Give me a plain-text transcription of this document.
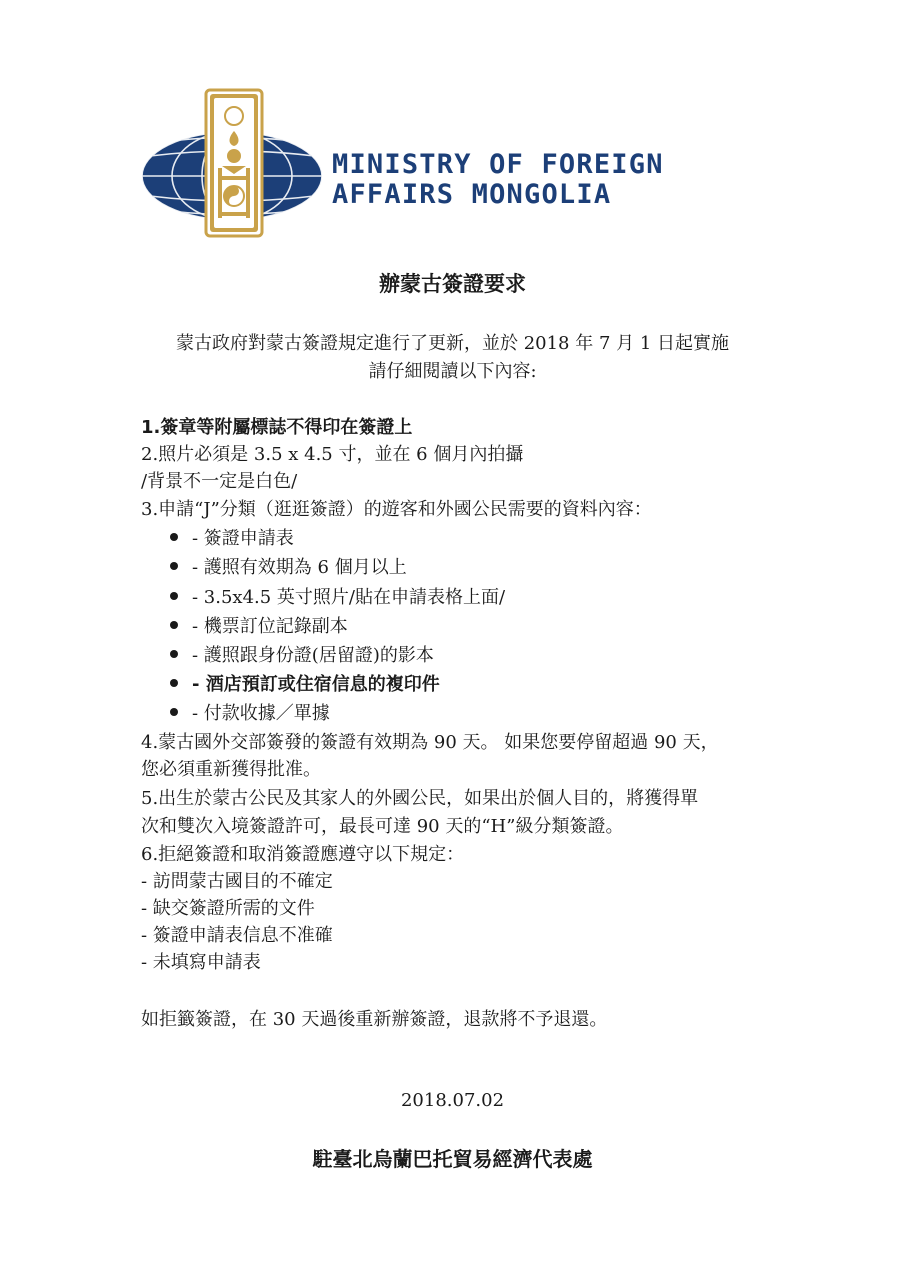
MINISTRY OF FOREIGN
AFFAIRS MONGOLIA
辦蒙古簽證要求
蒙古政府對蒙古簽證規定進行了更新，並於 2018 年 7 月 1 日起實施
請仔細閱讀以下內容:
1.簽章等附屬標誌不得印在簽證上
2.照片必須是 3.5 x 4.5 寸，並在 6 個月內拍攝
/背景不一定是白色/
3.申請“J”分類（逛逛簽證）的遊客和外國公民需要的資料內容：
- 簽證申請表
- 護照有效期為 6 個月以上
- 3.5x4.5 英寸照片/貼在申請表格上面/
- 機票訂位記錄副本
- 護照跟身份證(居留證)的影本
- 酒店預訂或住宿信息的複印件
- 付款收據／單據
4.蒙古國外交部簽發的簽證有效期為 90 天。 如果您要停留超過 90 天，
您必須重新獲得批准。
5.出生於蒙古公民及其家人的外國公民，如果出於個人目的，將獲得單
次和雙次入境簽證許可，最長可達 90 天的“H”級分類簽證。
6.拒絕簽證和取消簽證應遵守以下規定：
- 訪問蒙古國目的不確定
- 缺交簽證所需的文件
- 簽證申請表信息不准確
- 未填寫申請表
如拒籤簽證，在 30 天過後重新辦簽證，退款將不予退還。
2018.07.02
駐臺北烏蘭巴托貿易經濟代表處
